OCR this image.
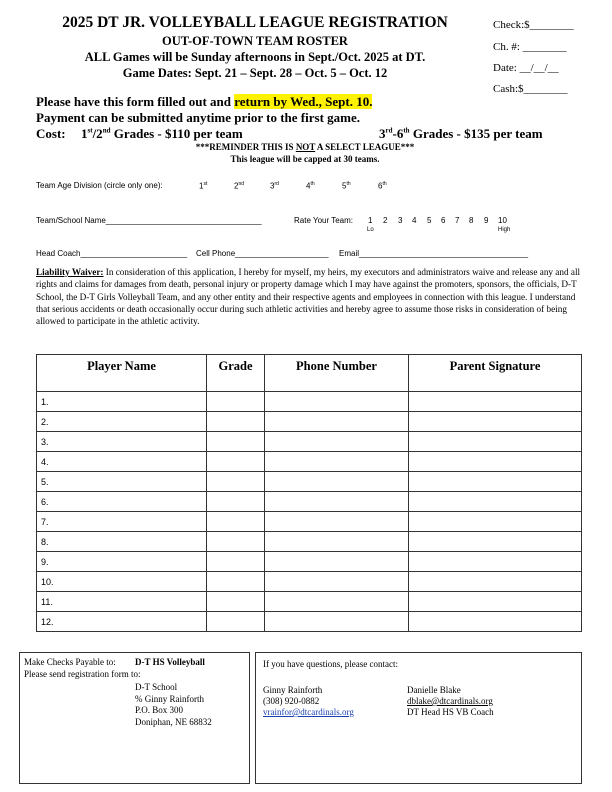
2025 DT JR. VOLLEYBALL LEAGUE REGISTRATION
OUT-OF-TOWN TEAM ROSTER
ALL Games will be Sunday afternoons in Sept./Oct. 2025 at DT.
Game Dates: Sept. 21 – Sept. 28 – Oct. 5 – Oct. 12
Check:$________
Ch. #: ________
Date: __/__/__
Cash:$________
Please have this form filled out and return by Wed., Sept. 10.
Payment can be submitted anytime prior to the first game.
Cost: 1st/2nd Grades - $110 per team	3rd-6th Grades - $135 per team
***REMINDER THIS IS NOT A SELECT LEAGUE***
This league will be capped at 30 teams.
Team Age Division (circle only one):	1st	2nd	3rd	4th	5th	6th
Team/School Name___________________________________	Rate Your Team: 1 2 3 4 5 6 7 8 9 10
Lo	High
Head Coach________________________ Cell Phone_____________________ Email______________________________________
Liability Waiver: In consideration of this application, I hereby for myself, my heirs, my executors and administrators waive and release any and all rights and claims for damages from death, personal injury or property damage which I may have against the promoters, sponsors, the officials, D-T School, the D-T Girls Volleyball Team, and any other entity and their respective agents and employees in connection with this league. I understand that serious accidents or death occasionally occur during such athletic activities and hereby agree to assume those risks in consideration of being allowed to participate in the athletic activity.
Player Name	Grade	Phone Number	Parent Signature
1.			
2.			
3.			
4.			
5.			
6.			
7.			
8.			
9.			
10.			
11.			
12.			
Make Checks Payable to: D-T HS Volleyball
Please send registration form to:
D-T School
% Ginny Rainforth
P.O. Box 300
Doniphan, NE 68832
If you have questions, please contact:
Ginny Rainforth
(308) 920-0882
vrainfor@dtcardinals.org
Danielle Blake
dblake@dtcardinals.org
DT Head HS VB Coach
